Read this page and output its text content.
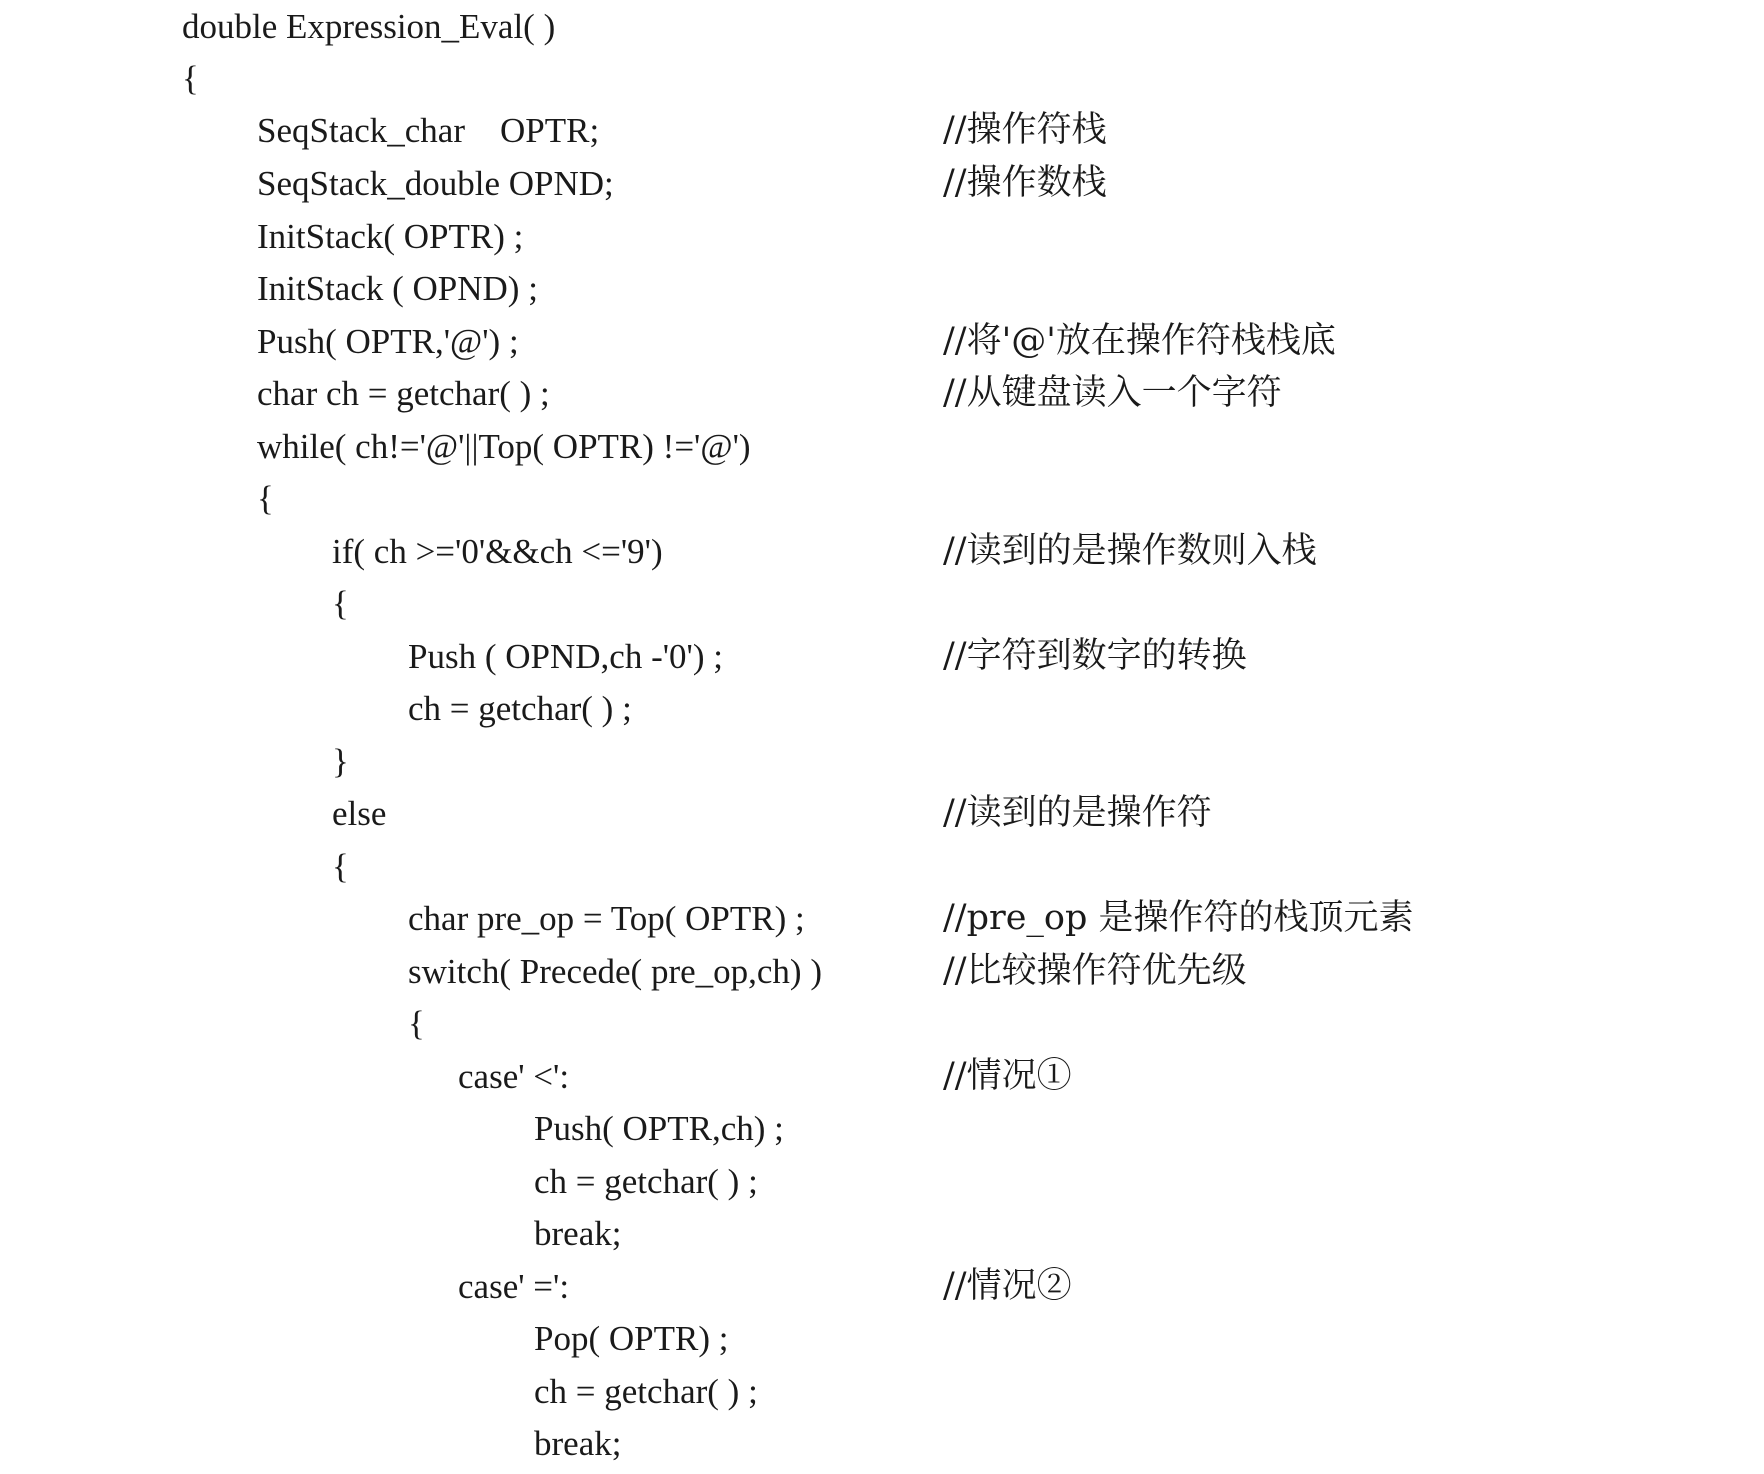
double Expression_Eval( )
{
SeqStack_char    OPTR;	//操作符栈
SeqStack_double OPND;	//操作数栈
InitStack( OPTR) ;
InitStack ( OPND) ;
Push( OPTR,'@') ;	//将'@'放在操作符栈栈底
char ch = getchar( ) ;	//从键盘读入一个字符
while( ch!='@'||Top( OPTR) !='@')
{
if( ch >='0'&&ch <='9')	//读到的是操作数则入栈
{
Push ( OPND,ch -'0') ;	//字符到数字的转换
ch = getchar( ) ;
}
else	//读到的是操作符
{
char pre_op = Top( OPTR) ;	//pre_op 是操作符的栈顶元素
switch( Precede( pre_op,ch) )	//比较操作符优先级
{
case' <':	//情况①
Push( OPTR,ch) ;
ch = getchar( ) ;
break;
case' =':	//情况②
Pop( OPTR) ;
ch = getchar( ) ;
break;
